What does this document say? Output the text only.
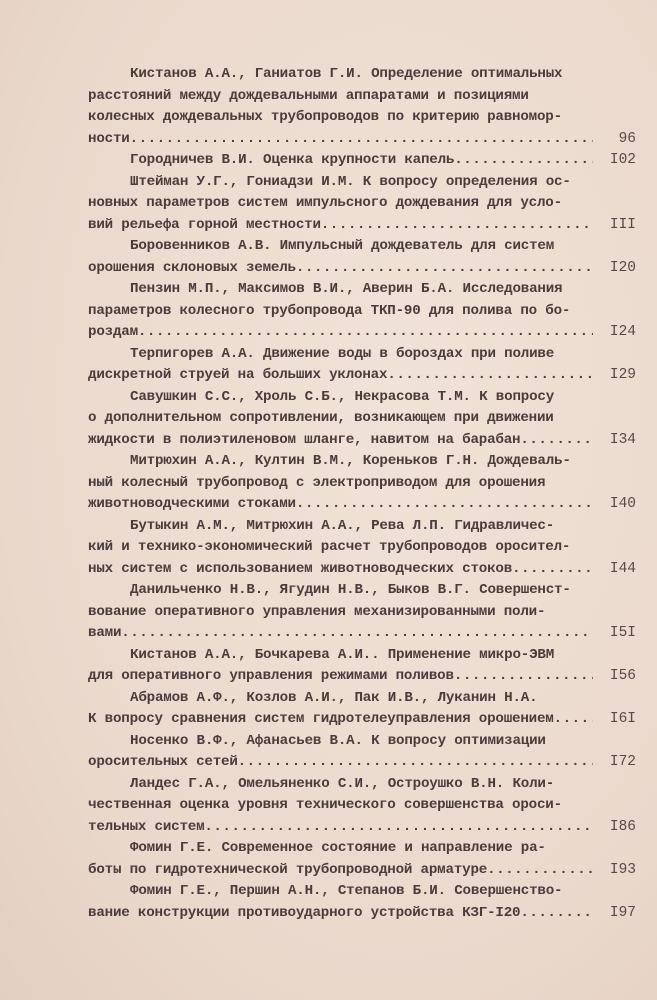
Кистанов А.А., Ганиатов Г.И. Определение оптимальных
расстояний между дождевальными аппаратами и позициями
колесных дождевальных трубопроводов по критерию равномор-
ности .....	96
Городничев В.И. Оценка крупности капель .....	I02
Штейман У.Г., Гониадзи И.М. К вопросу определения ос-
новных параметров систем импульсного дождевания для усло-
вий рельефа горной местности .....	III
Боровенников А.В. Импульсный дождеватель для систем
орошения склоновых земель .....	I20
Пензин М.П., Максимов В.И., Аверин Б.А. Исследования
параметров колесного трубопровода ТКП-90 для полива по бо-
роздам .....	I24
Терпигорев А.А. Движение воды в бороздах при поливе
дискретной струей на больших уклонах .....	I29
Савушкин С.С., Хроль С.Б., Некрасова Т.М. К вопросу
о дополнительном сопротивлении, возникающем при движении
жидкости в полиэтиленовом шланге, навитом на барабан .....	I34
Митрюхин А.А., Култин В.М., Кореньков Г.Н. Дождеваль-
ный колесный трубопровод с электроприводом для орошения
животноводческими стоками .....	I40
Бутыкин А.М., Митрюхин А.А., Рева Л.П. Гидравличес-
кий и технико-экономический расчет трубопроводов оросител-
ных систем с использованием животноводческих стоков .....	I44
Данильченко Н.В., Ягудин Н.В., Быков В.Г. Совершенст-
вование оперативного управления механизированными поли-
вами .....	I5I
Кистанов А.А., Бочкарева А.И.. Применение микро-ЭВМ
для оперативного управления режимами поливов .....	I56
Абрамов А.Ф., Козлов А.И., Пак И.В., Луканин Н.А.
К вопросу сравнения систем гидротелеуправления орошением .....	I6I
Носенко В.Ф., Афанасьев В.А. К вопросу оптимизации
оросительных сетей .....	I72
Ландес Г.А., Омельяненко С.И., Остроушко В.Н. Коли-
чественная оценка уровня технического совершенства ороси-
тельных систем .....	I86
Фомин Г.Е. Современное состояние и направление ра-
боты по гидротехнической трубопроводной арматуре .....	I93
Фомин Г.Е., Першин А.Н., Степанов Б.И. Совершенство-
вание конструкции противоударного устройства КЗГ-I20 .....	I97
